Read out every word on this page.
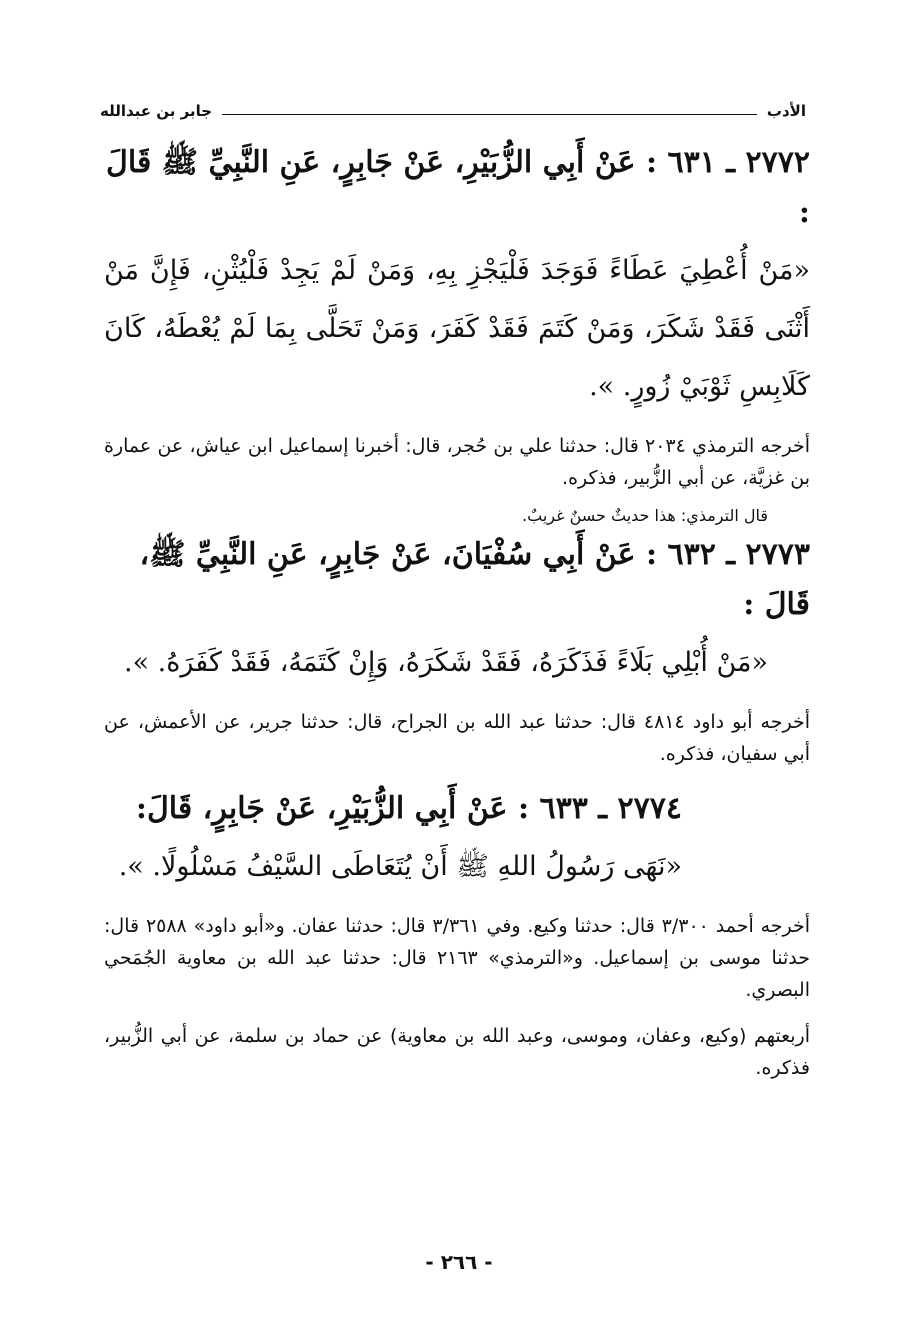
الأدب
جابر بن عبدالله

٢٧٧٢ ـ ٦٣١ : عَنْ أَبِي الزُّبَيْرِ، عَنْ جَابِرٍ، عَنِ النَّبِيِّ ﷺ قَالَ :

«مَنْ أُعْطِيَ عَطَاءً فَوَجَدَ فَلْيَجْزِ بِهِ، وَمَنْ لَمْ يَجِدْ فَلْيُثْنِ، فَإِنَّ مَنْ أَثْنَى فَقَدْ شَكَرَ، وَمَنْ كَتَمَ فَقَدْ كَفَرَ، وَمَنْ تَحَلَّى بِمَا لَمْ يُعْطَهُ، كَانَ كَلَابِسِ ثَوْبَيْ زُورٍ. ».

أخرجه الترمذي ٢٠٣٤ قال: حدثنا علي بن حُجر، قال: أخبرنا إسماعيل ابن عياش، عن عمارة بن غزيَّة، عن أبي الزُّبير، فذكره.

قال الترمذي: هذا حديثٌ حسنٌ غريبٌ.

٢٧٧٣ ـ ٦٣٢ : عَنْ أَبِي سُفْيَانَ، عَنْ جَابِرٍ، عَنِ النَّبِيِّ ﷺ، قَالَ :

«مَنْ أُبْلِي بَلَاءً فَذَكَرَهُ، فَقَدْ شَكَرَهُ، وَإِنْ كَتَمَهُ، فَقَدْ كَفَرَهُ. ».

أخرجه أبو داود ٤٨١٤ قال: حدثنا عبد الله بن الجراح، قال: حدثنا جرير، عن الأعمش، عن أبي سفيان، فذكره.

٢٧٧٤ ـ ٦٣٣ : عَنْ أَبِي الزُّبَيْرِ، عَنْ جَابِرٍ، قَالَ:

«نَهَى رَسُولُ اللهِ ﷺ أَنْ يُتَعَاطَى السَّيْفُ مَسْلُولًا. ».

أخرجه أحمد ٣/٣٠٠ قال: حدثنا وكيع. وفي ٣/٣٦١ قال: حدثنا عفان. و«أبو داود» ٢٥٨٨ قال: حدثنا موسى بن إسماعيل. و«الترمذي» ٢١٦٣ قال: حدثنا عبد الله بن معاوية الجُمَحي البصري.

أربعتهم (وكيع، وعفان، وموسى، وعبد الله بن معاوية) عن حماد بن سلمة، عن أبي الزُّبير، فذكره.

- ٢٦٦ -
